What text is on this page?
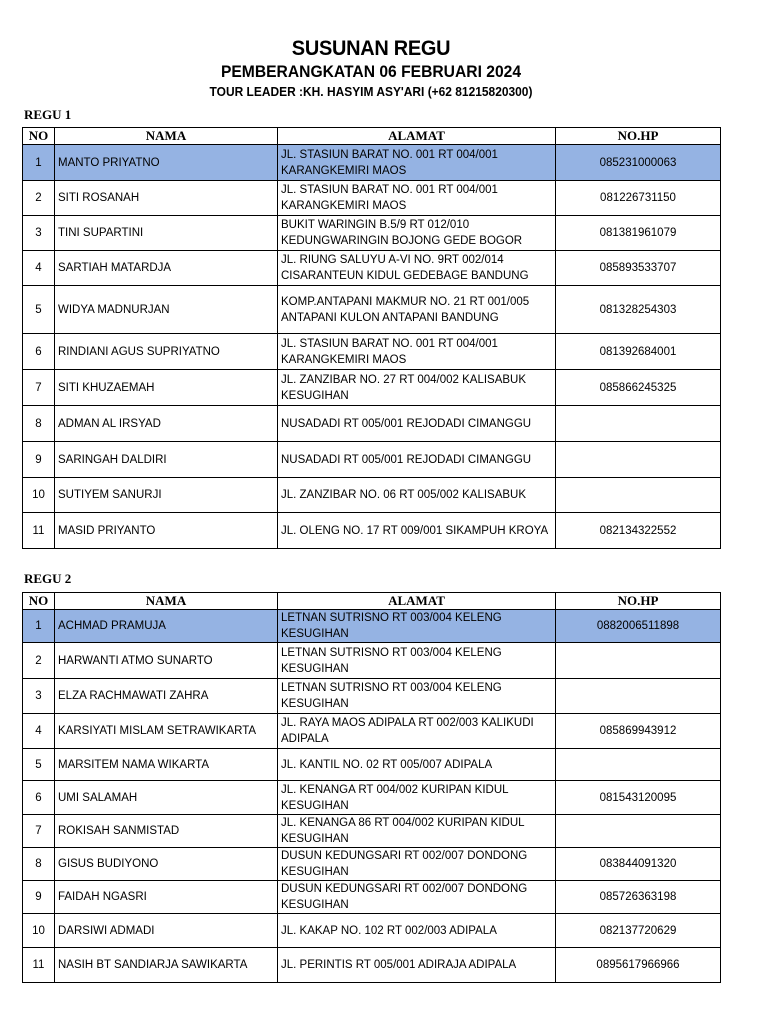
SUSUNAN REGU
PEMBERANGKATAN 06 FEBRUARI 2024
TOUR LEADER :KH. HASYIM ASY'ARI (+62 81215820300)
REGU 1
NO	NAMA	ALAMAT	NO.HP
1	MANTO PRIYATNO	JL. STASIUN BARAT NO. 001 RT 004/001 KARANGKEMIRI MAOS	085231000063
2	SITI ROSANAH	JL. STASIUN BARAT NO. 001 RT 004/001 KARANGKEMIRI MAOS	081226731150
3	TINI SUPARTINI	BUKIT WARINGIN B.5/9 RT 012/010 KEDUNGWARINGIN BOJONG GEDE BOGOR	081381961079
4	SARTIAH MATARDJA	JL. RIUNG SALUYU A-VI NO. 9RT 002/014 CISARANTEUN KIDUL GEDEBAGE BANDUNG	085893533707
5	WIDYA MADNURJAN	KOMP.ANTAPANI MAKMUR NO. 21 RT 001/005 ANTAPANI KULON ANTAPANI BANDUNG	081328254303
6	RINDIANI AGUS SUPRIYATNO	JL. STASIUN BARAT NO. 001 RT 004/001 KARANGKEMIRI MAOS	081392684001
7	SITI KHUZAEMAH	JL. ZANZIBAR NO. 27 RT 004/002 KALISABUK KESUGIHAN	085866245325
8	ADMAN AL IRSYAD	NUSADADI RT 005/001 REJODADI CIMANGGU	
9	SARINGAH DALDIRI	NUSADADI RT 005/001 REJODADI CIMANGGU	
10	SUTIYEM SANURJI	JL. ZANZIBAR NO. 06 RT 005/002 KALISABUK	
11	MASID PRIYANTO	JL. OLENG NO. 17 RT 009/001 SIKAMPUH KROYA	082134322552
REGU 2
NO	NAMA	ALAMAT	NO.HP
1	ACHMAD PRAMUJA	LETNAN SUTRISNO RT 003/004 KELENG KESUGIHAN	0882006511898
2	HARWANTI ATMO SUNARTO	LETNAN SUTRISNO RT 003/004 KELENG KESUGIHAN	
3	ELZA RACHMAWATI ZAHRA	LETNAN SUTRISNO RT 003/004 KELENG KESUGIHAN	
4	KARSIYATI MISLAM SETRAWIKARTA	JL. RAYA MAOS ADIPALA RT 002/003 KALIKUDI ADIPALA	085869943912
5	MARSITEM NAMA WIKARTA	JL. KANTIL NO. 02 RT 005/007 ADIPALA	
6	UMI SALAMAH	JL. KENANGA RT 004/002 KURIPAN KIDUL KESUGIHAN	081543120095
7	ROKISAH SANMISTAD	JL. KENANGA 86 RT 004/002 KURIPAN KIDUL KESUGIHAN	
8	GISUS BUDIYONO	DUSUN KEDUNGSARI RT 002/007 DONDONG KESUGIHAN	083844091320
9	FAIDAH NGASRI	DUSUN KEDUNGSARI RT 002/007 DONDONG KESUGIHAN	085726363198
10	DARSIWI ADMADI	JL. KAKAP NO. 102 RT 002/003 ADIPALA	082137720629
11	NASIH BT SANDIARJA SAWIKARTA	JL. PERINTIS RT 005/001 ADIRAJA ADIPALA	0895617966966
